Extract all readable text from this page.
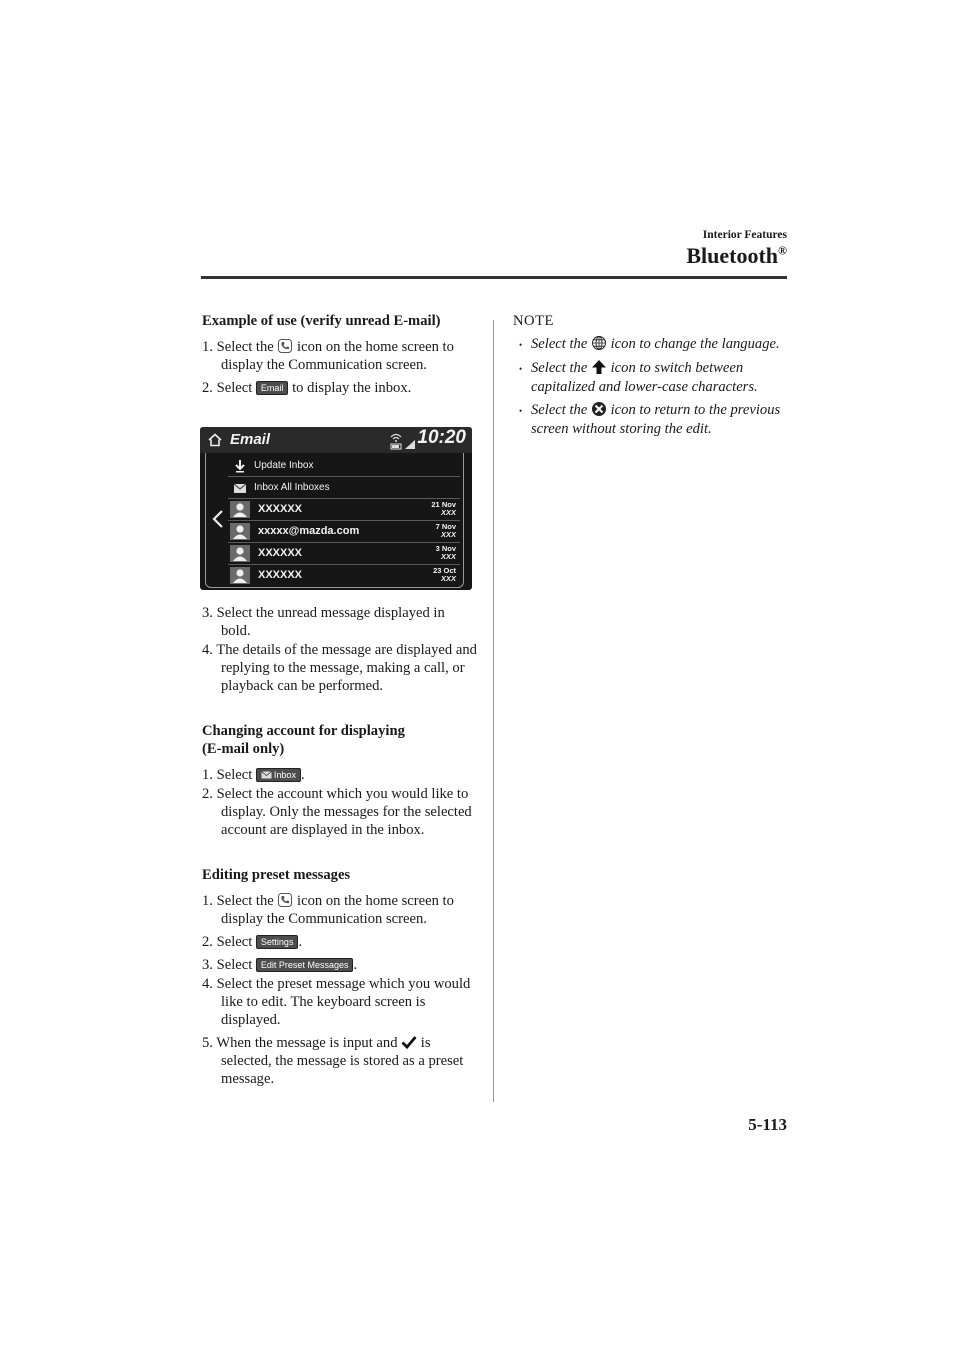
Interior Features
Bluetooth®

Example of use (verify unread E-mail)

1. Select the  icon on the home screen to display the Communication screen.
2. Select Email to display the inbox.
Email	10:20
Update Inbox
Inbox All Inboxes
XXXXXX	21 Nov
XXX
xxxxx@mazda.com	7 Nov
XXX
XXXXXX	3 Nov
XXX
XXXXXX	23 Oct
XXX
3. Select the unread message displayed in bold.
4. The details of the message are displayed and replying to the message, making a call, or playback can be performed.

Changing account for displaying
(E-mail only)

1. Select Inbox .
2. Select the account which you would like to display. Only the messages for the selected account are displayed in the inbox.

Editing preset messages

1. Select the  icon on the home screen to display the Communication screen.
2. Select Settings .
3. Select Edit Preset Messages .
4. Select the preset message which you would like to edit. The keyboard screen is displayed.
5. When the message is input and  is selected, the message is stored as a preset message.

NOTE

• Select the  icon to change the language.
• Select the  icon to switch between capitalized and lower-case characters.
• Select the  icon to return to the previous screen without storing the edit.
5-113
